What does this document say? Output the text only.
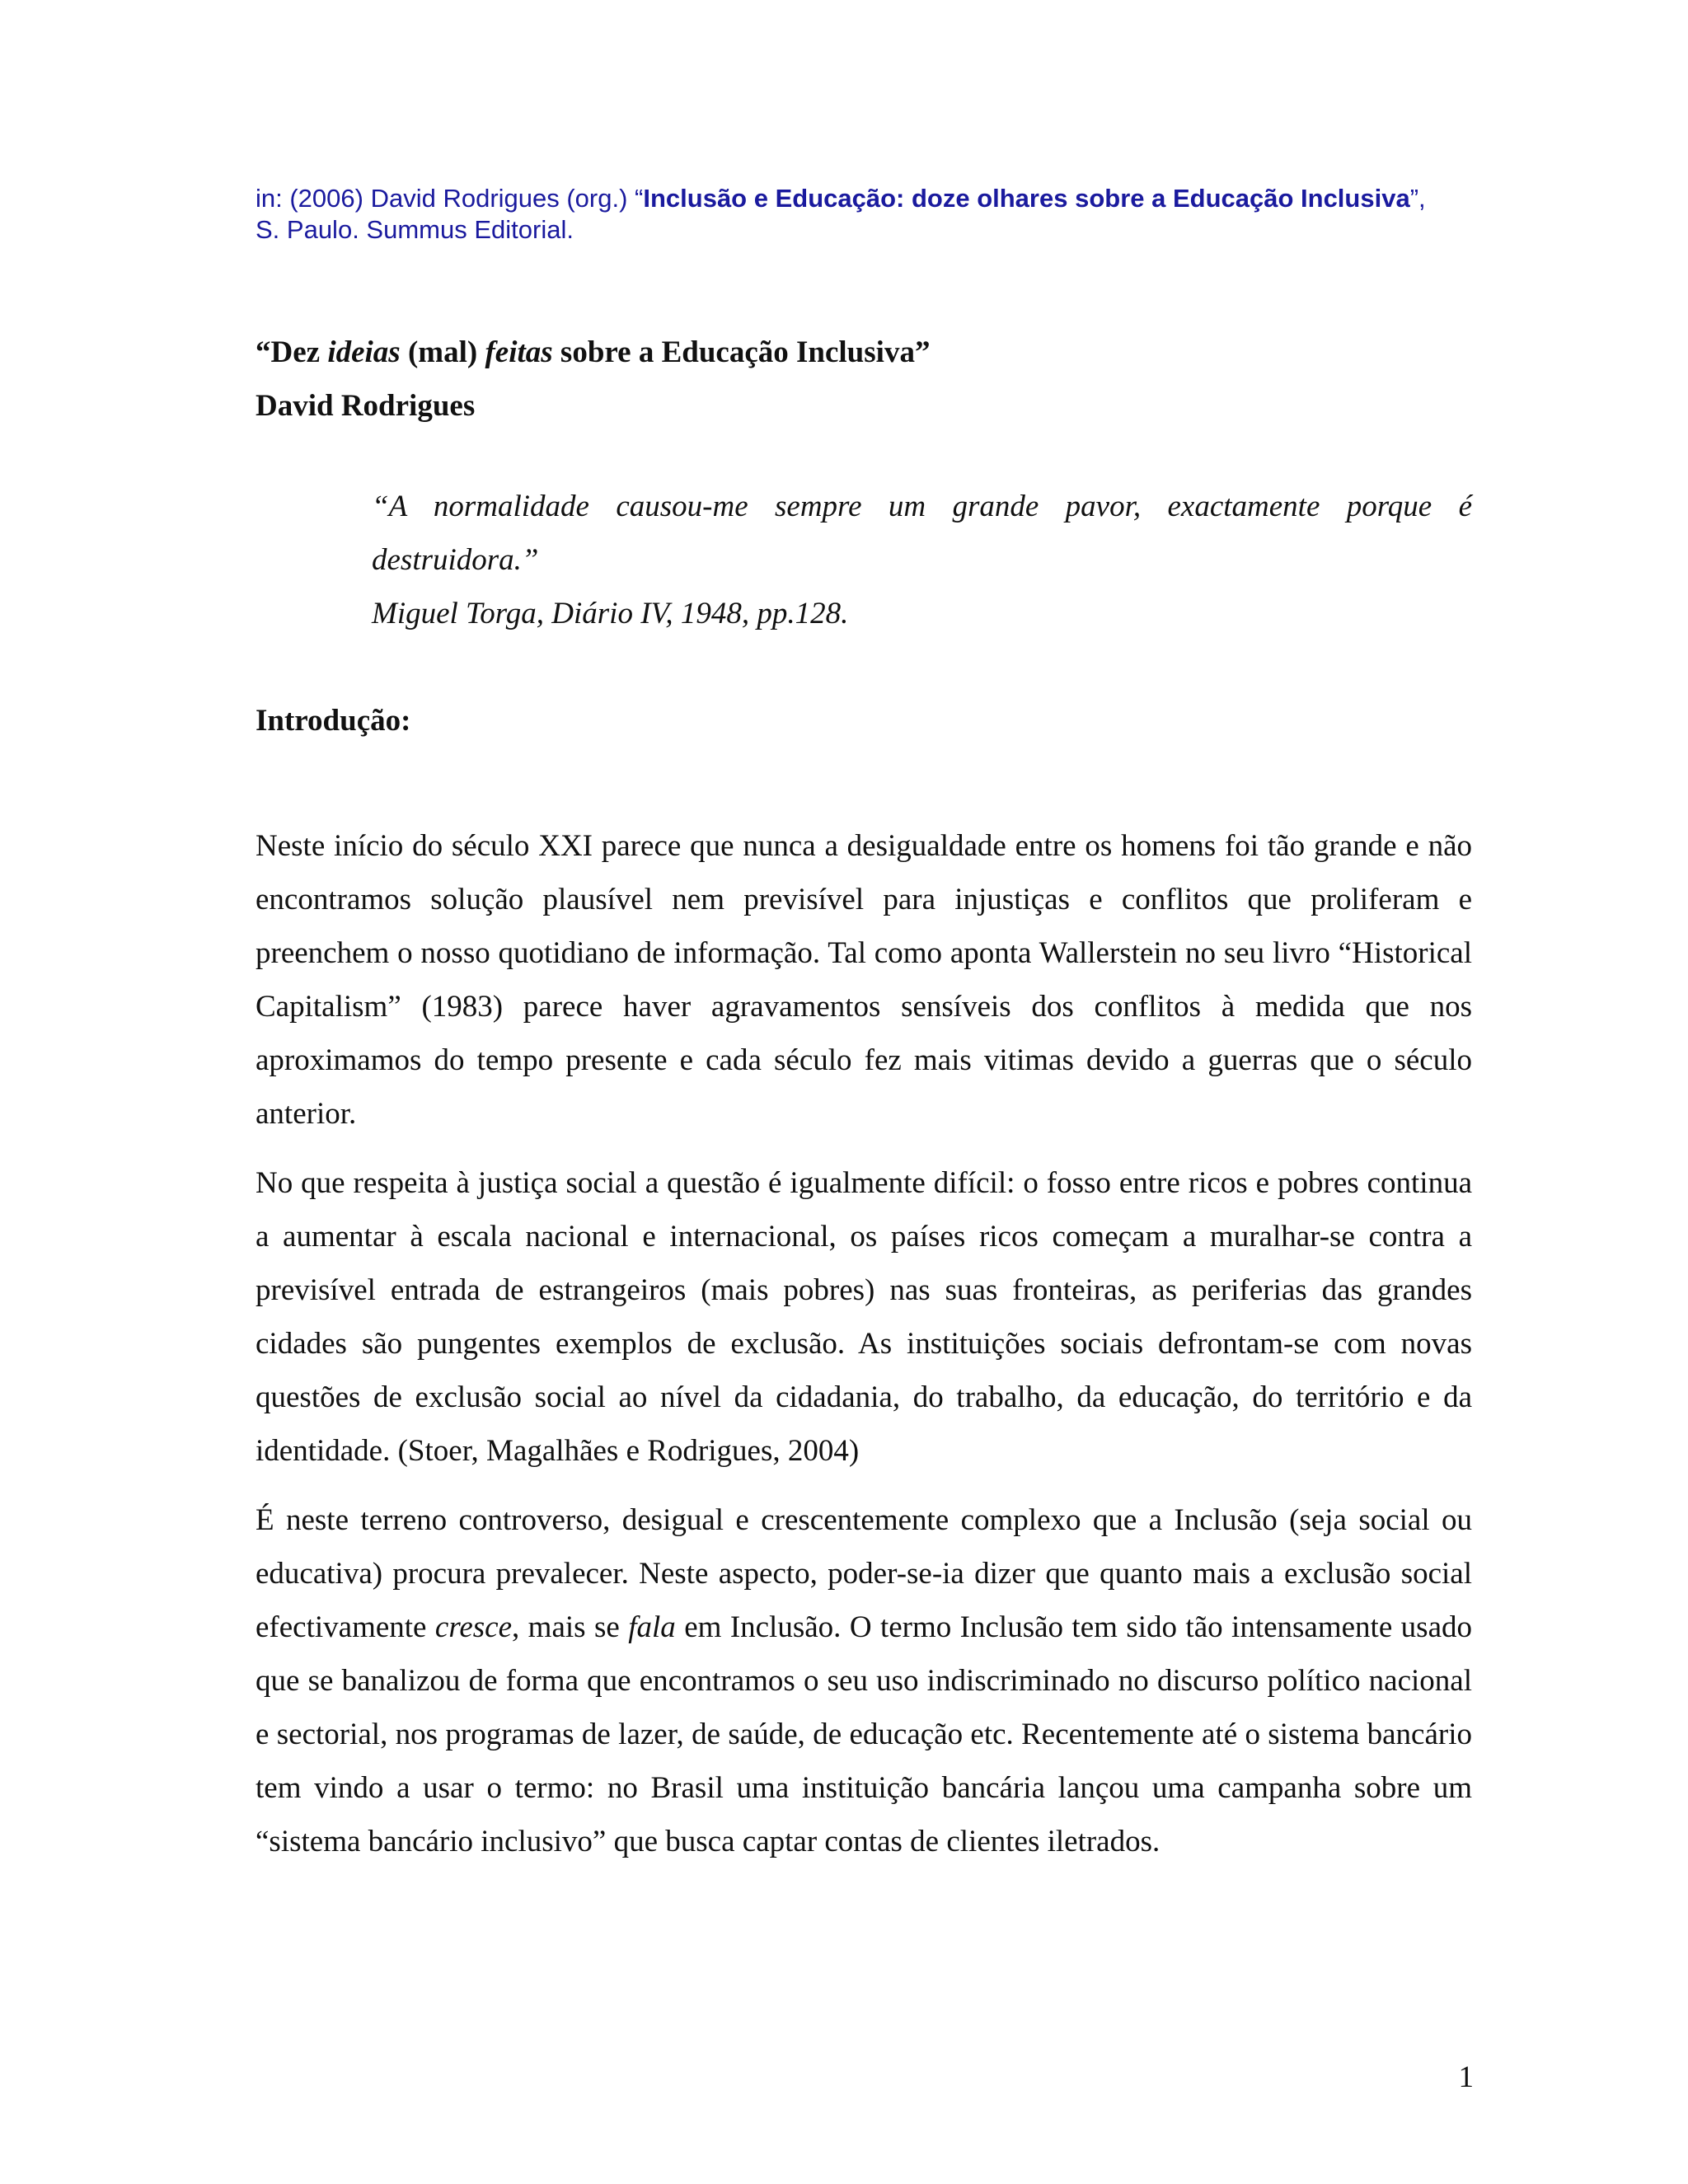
in: (2006) David Rodrigues (org.) “Inclusão e Educação: doze olhares sobre a Educação Inclusiva”,
S. Paulo. Summus Editorial.
“Dez ideias (mal) feitas sobre a Educação Inclusiva”
David Rodrigues
“A normalidade causou-me sempre um grande pavor, exactamente porque é destruidora.”
Miguel Torga, Diário IV, 1948, pp.128.
Introdução:

Neste início do século XXI parece que nunca a desigualdade entre os homens foi tão grande e não encontramos solução plausível nem previsível para injustiças e conflitos que proliferam e preenchem o nosso quotidiano de informação. Tal como aponta Wallerstein no seu livro “Historical Capitalism” (1983) parece haver agravamentos sensíveis dos conflitos à medida que nos aproximamos do tempo presente e cada século fez mais vitimas devido a guerras que o século anterior.

No que respeita à justiça social a questão é igualmente difícil: o fosso entre ricos e pobres continua a aumentar à escala nacional e internacional, os países ricos começam a muralhar-se contra a previsível entrada de estrangeiros (mais pobres) nas suas fronteiras, as periferias das grandes cidades são pungentes exemplos de exclusão. As instituições sociais defrontam-se com novas questões de exclusão social ao nível da cidadania, do trabalho, da educação, do território e da identidade. (Stoer, Magalhães e Rodrigues, 2004)

É neste terreno controverso, desigual e crescentemente complexo que a Inclusão (seja social ou educativa) procura prevalecer. Neste aspecto, poder-se-ia dizer que quanto mais a exclusão social efectivamente cresce, mais se fala em Inclusão. O termo Inclusão tem sido tão intensamente usado que se banalizou de forma que encontramos o seu uso indiscriminado no discurso político nacional e sectorial, nos programas de lazer, de saúde, de educação etc. Recentemente até o sistema bancário tem vindo a usar o termo: no Brasil uma instituição bancária lançou uma campanha sobre um “sistema bancário inclusivo” que busca captar contas de clientes iletrados.

1
